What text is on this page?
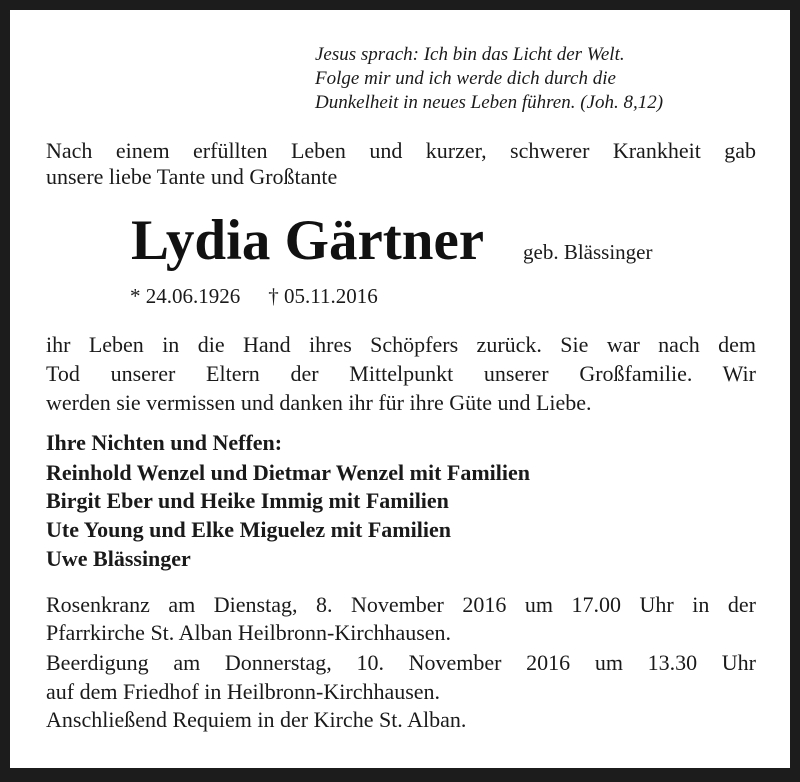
Jesus sprach: Ich bin das Licht der Welt.
Folge mir und ich werde dich durch die
Dunkelheit in neues Leben führen. (Joh. 8,12)
Nach einem erfüllten Leben und kurzer, schwerer Krankheit gab
unsere liebe Tante und Großtante
Lydia Gärtner geb. Blässinger
* 24.06.1926 † 05.11.2016
ihr Leben in die Hand ihres Schöpfers zurück. Sie war nach dem
Tod unserer Eltern der Mittelpunkt unserer Großfamilie. Wir
werden sie vermissen und danken ihr für ihre Güte und Liebe.
Ihre Nichten und Neffen:
Reinhold Wenzel und Dietmar Wenzel mit Familien
Birgit Eber und Heike Immig mit Familien
Ute Young und Elke Miguelez mit Familien
Uwe Blässinger
Rosenkranz am Dienstag, 8. November 2016 um 17.00 Uhr in der
Pfarrkirche St. Alban Heilbronn-Kirchhausen.
Beerdigung am Donnerstag, 10. November 2016 um 13.30 Uhr
auf dem Friedhof in Heilbronn-Kirchhausen.
Anschließend Requiem in der Kirche St. Alban.
